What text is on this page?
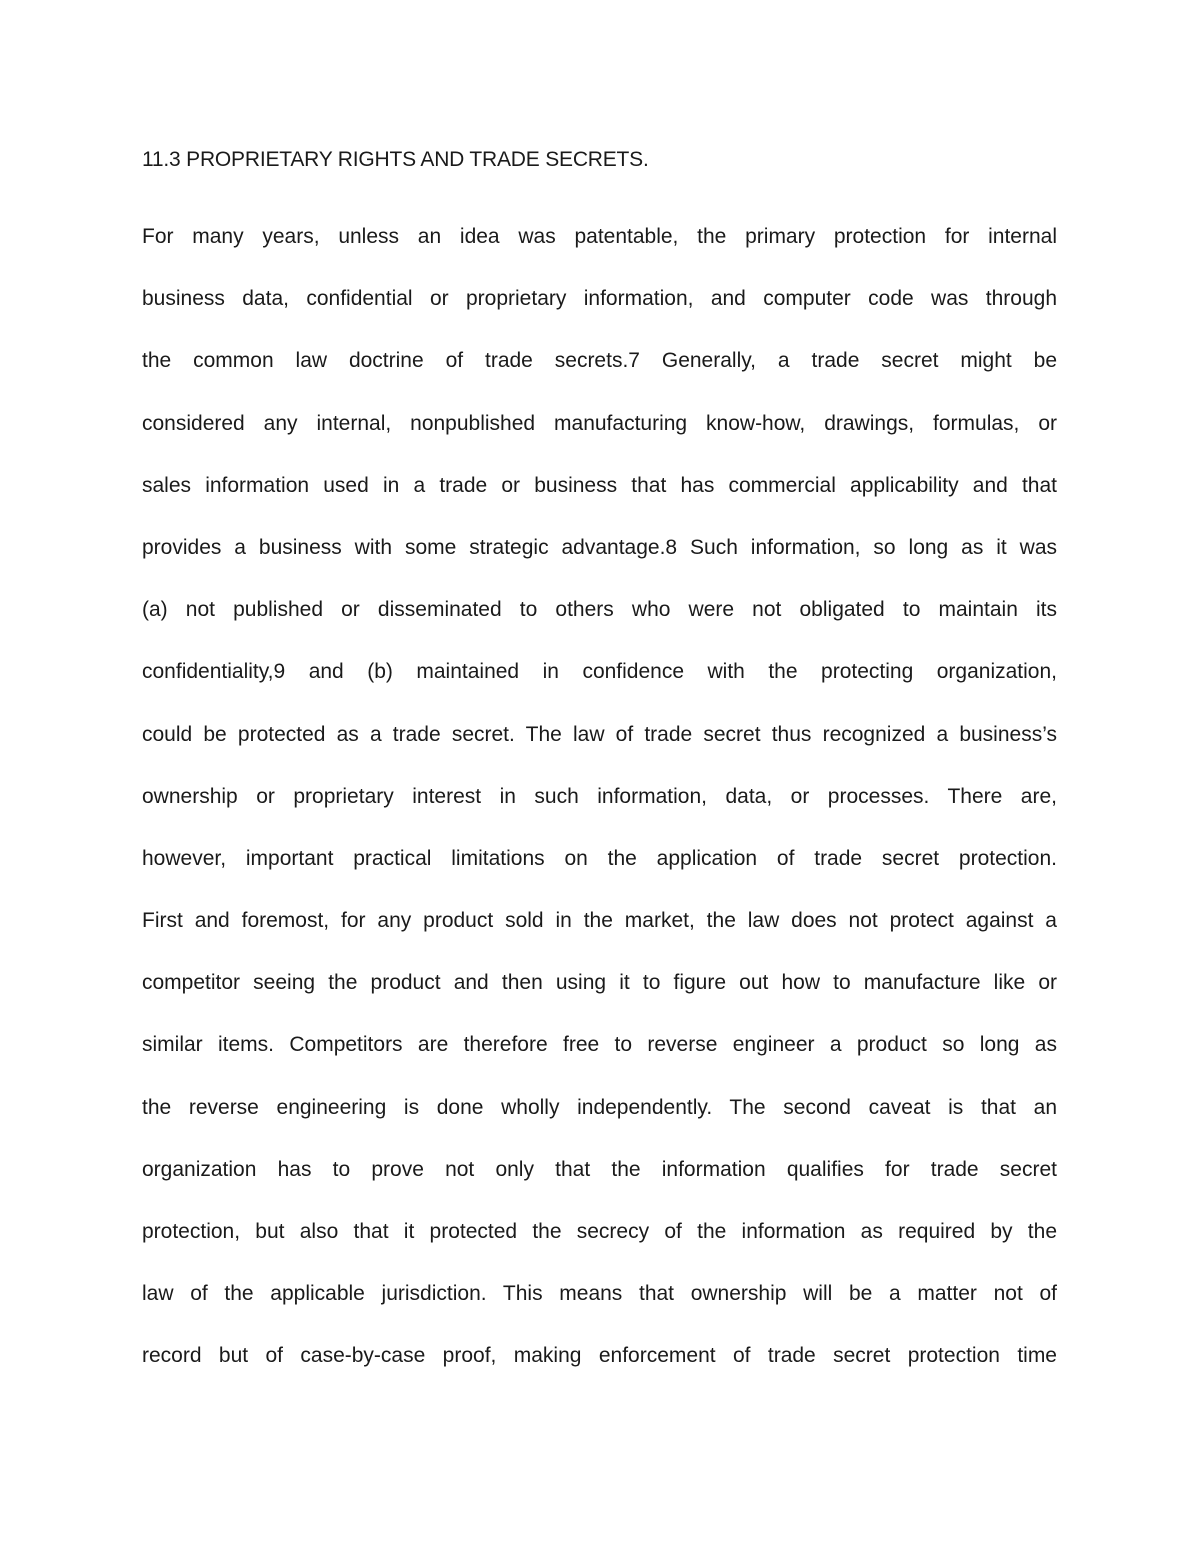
11.3 PROPRIETARY RIGHTS AND TRADE SECRETS.
For many years, unless an idea was patentable, the primary protection for internal
business data, confidential or proprietary information, and computer code was through
the common law doctrine of trade secrets.7 Generally, a trade secret might be
considered any internal, nonpublished manufacturing know-how, drawings, formulas, or
sales information used in a trade or business that has commercial applicability and that
provides a business with some strategic advantage.8 Such information, so long as it was
(a) not published or disseminated to others who were not obligated to maintain its
confidentiality,9 and (b) maintained in confidence with the protecting organization,
could be protected as a trade secret. The law of trade secret thus recognized a business’s
ownership or proprietary interest in such information, data, or processes. There are,
however, important practical limitations on the application of trade secret protection.
First and foremost, for any product sold in the market, the law does not protect against a
competitor seeing the product and then using it to figure out how to manufacture like or
similar items. Competitors are therefore free to reverse engineer a product so long as
the reverse engineering is done wholly independently. The second caveat is that an
organization has to prove not only that the information qualifies for trade secret
protection, but also that it protected the secrecy of the information as required by the
law of the applicable jurisdiction. This means that ownership will be a matter not of
record but of case-by-case proof, making enforcement of trade secret protection time
